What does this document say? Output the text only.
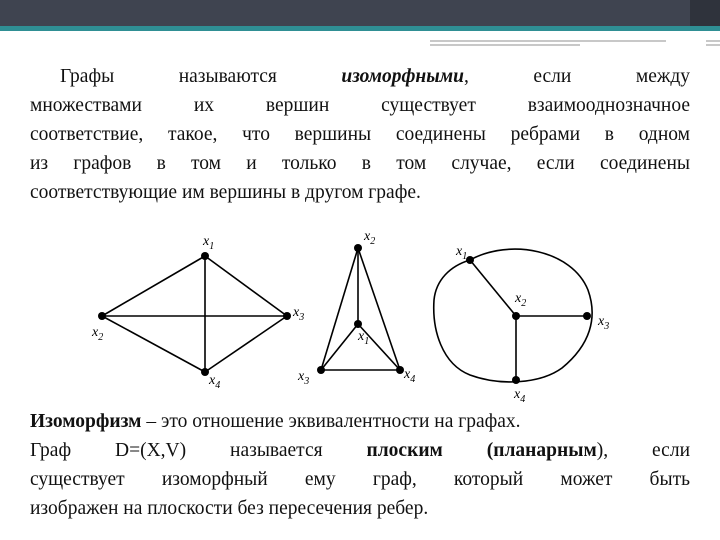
Графы называются изоморфными, если между
множествами их вершин существует взаимооднозначное
соответствие, такое, что вершины соединены ребрами в одном
из графов в том и только в том случае, если соединены
соответствующие им вершины в другом графе.
$x_1$
$x_2$
$x_3$
$x_4$
$x_2$
$x_1$
$x_3$	$x_4$
$x_1$
$x_2$
$x_3$
$x_4$
Изоморфизм – это отношение эквивалентности на графах.
Граф D=(X,V) называется плоским (планарным), если
существует изоморфный ему граф, который может быть
изображен на плоскости без пересечения ребер.
